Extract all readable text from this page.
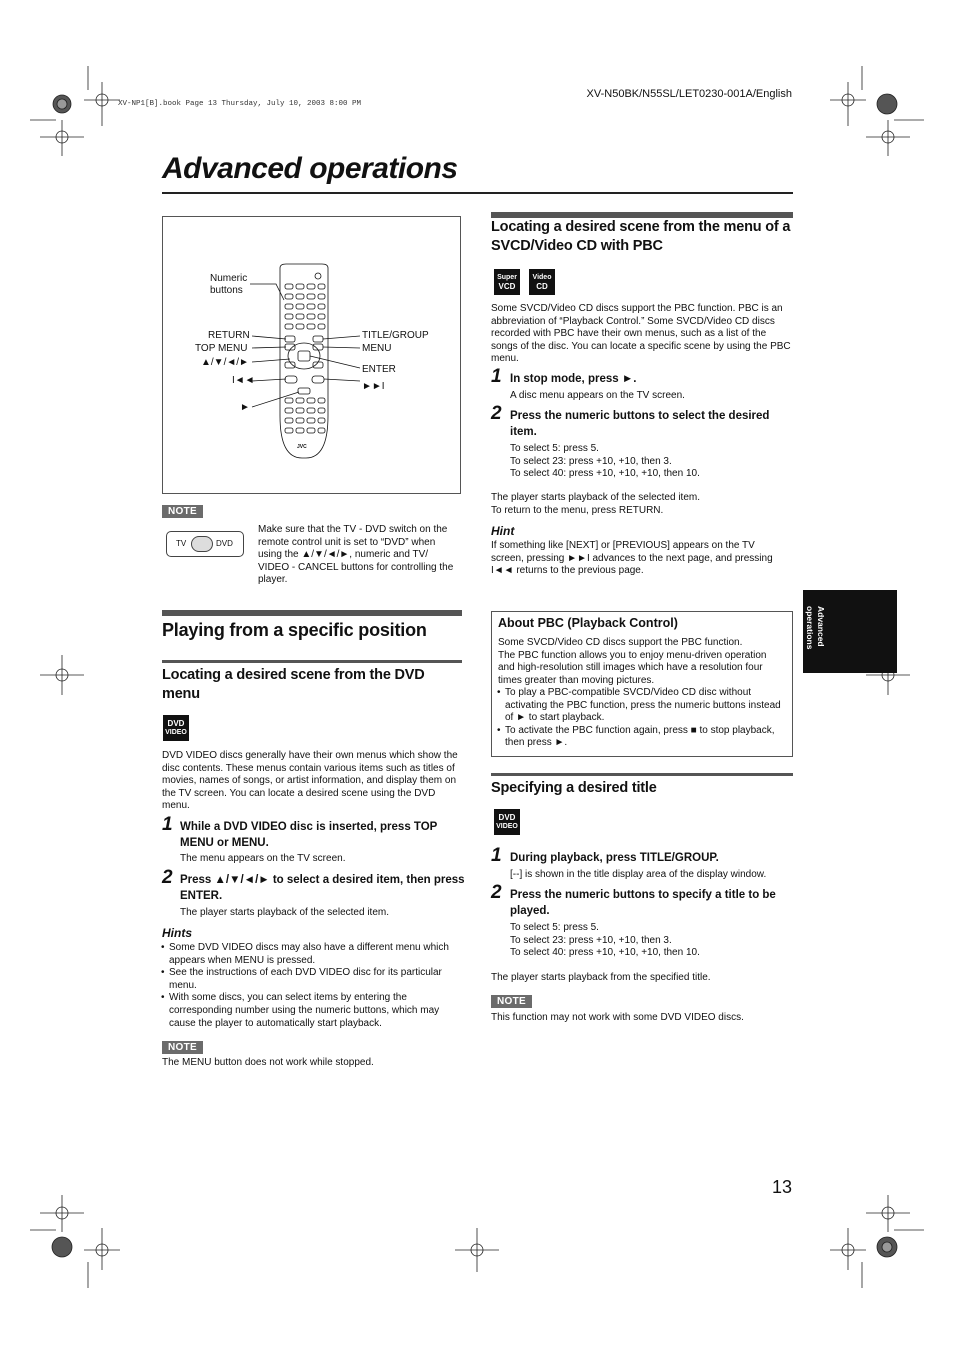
XV-NP1[B].book Page 13 Thursday, July 10, 2003 8:00 PM
XV-N50BK/N55SL/LET0230-001A/English
Advanced operations
JVC
Numeric
buttons
RETURN
TOP MENU
▲/▼/◄/►
I◄◄
►
TITLE/GROUP
MENU
ENTER
►►I
NOTE
TV	DVD
Make sure that the TV - DVD switch on the remote control unit is set to “DVD” when using the ▲/▼/◄/►, numeric and TV/ VIDEO - CANCEL buttons for controlling the player.
Playing from a specific position
Locating a desired scene from the DVD menu
DVD
VIDEO
DVD VIDEO discs generally have their own menus which show the disc contents. These menus contain various items such as titles of movies, names of songs, or artist information, and display them on the TV screen. You can locate a desired scene using the DVD menu.
1 While a DVD VIDEO disc is inserted, press TOP MENU or MENU.
The menu appears on the TV screen.
2 Press ▲/▼/◄/► to select a desired item, then press ENTER.
The player starts playback of the selected item.
Hints
• Some DVD VIDEO discs may also have a different menu which appears when MENU is pressed.
• See the instructions of each DVD VIDEO disc for its particular menu.
• With some discs, you can select items by entering the corresponding number using the numeric buttons, which may cause the player to automatically start playback.
NOTE
The MENU button does not work while stopped.
Locating a desired scene from the menu of a SVCD/Video CD with PBC
Super
VCD
Video
CD
Some SVCD/Video CD discs support the PBC function. PBC is an abbreviation of “Playback Control.” Some SVCD/Video CD discs recorded with PBC have their own menus, such as a list of the songs of the disc. You can locate a specific scene by using the PBC menu.
1 In stop mode, press ►.
A disc menu appears on the TV screen.
2 Press the numeric buttons to select the desired item.
To select 5: press 5.
To select 23: press +10, +10, then 3.
To select 40: press +10, +10, +10, then 10.
The player starts playback of the selected item.
To return to the menu, press RETURN.
Hint
If something like [NEXT] or [PREVIOUS] appears on the TV screen, pressing ►►I advances to the next page, and pressing I◄◄ returns to the previous page.
About PBC (Playback Control)
Some SVCD/Video CD discs support the PBC function.
The PBC function allows you to enjoy menu-driven operation and high-resolution still images which have a resolution four times greater than moving pictures.
• To play a PBC-compatible SVCD/Video CD disc without activating the PBC function, press the numeric buttons instead of ► to start playback.
• To activate the PBC function again, press ■ to stop playback, then press ►.
Specifying a desired title
DVD
VIDEO
1 During playback, press TITLE/GROUP.
[--] is shown in the title display area of the display window.
2 Press the numeric buttons to specify a title to be played.
To select 5: press 5.
To select 23: press +10, +10, then 3.
To select 40: press +10, +10, +10, then 10.
The player starts playback from the specified title.
NOTE
This function may not work with some DVD VIDEO discs.
Advanced
operations
13
